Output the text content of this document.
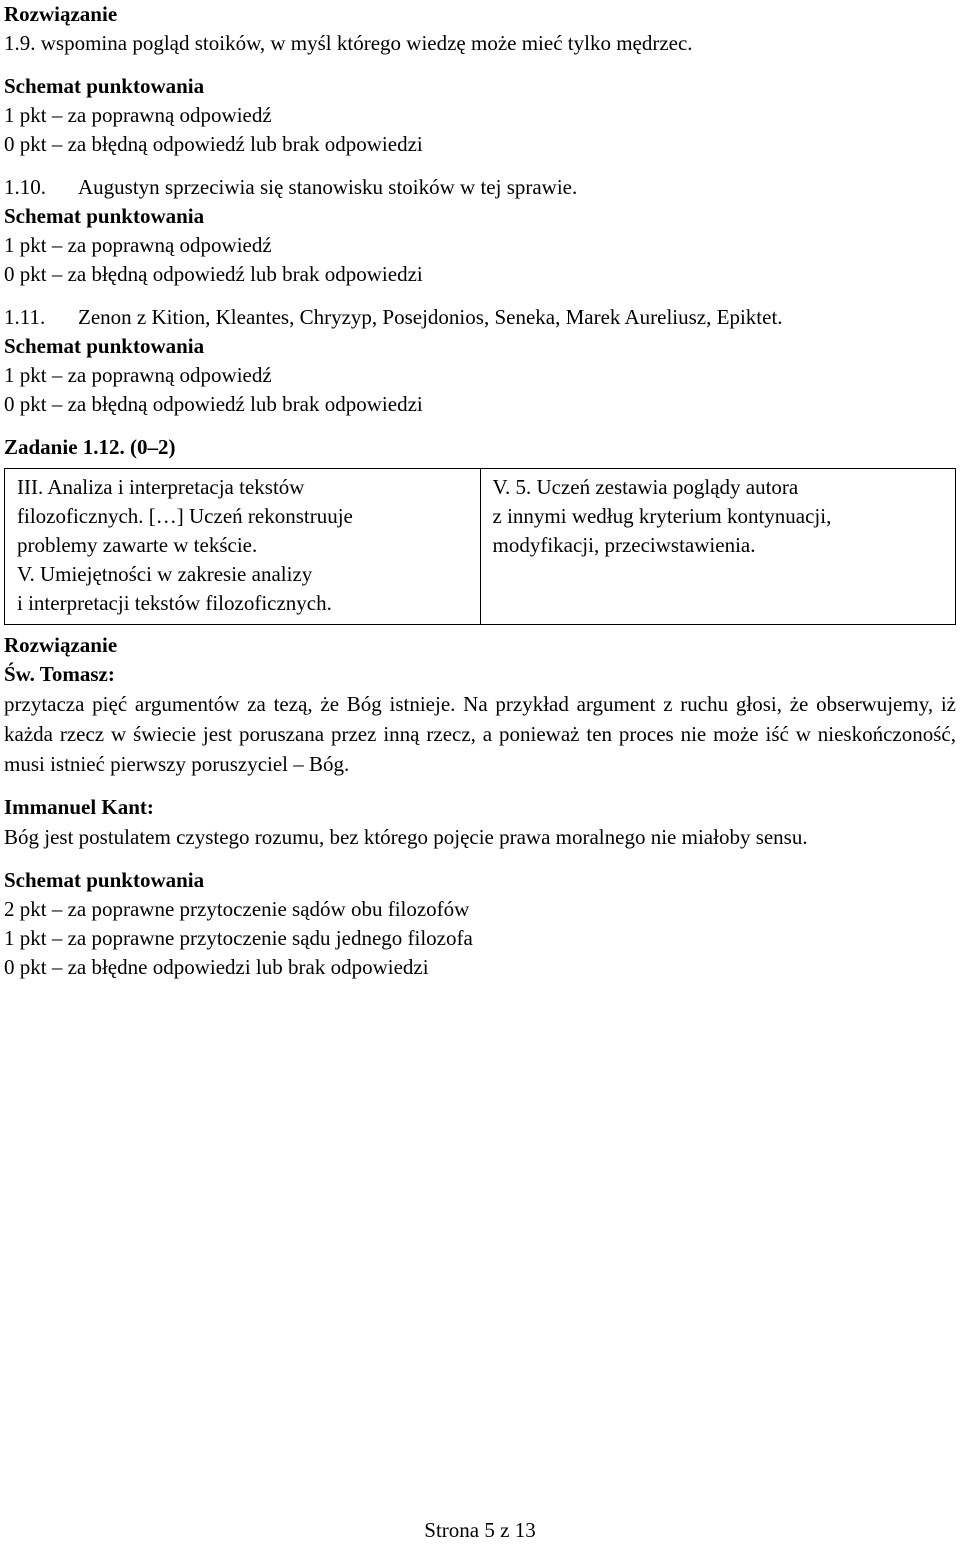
Rozwiązanie
1.9. wspomina pogląd stoików, w myśl którego wiedzę może mieć tylko mędrzec.
Schemat punktowania
1 pkt – za poprawną odpowiedź
0 pkt – za błędną odpowiedź lub brak odpowiedzi
1.10. Augustyn sprzeciwia się stanowisku stoików w tej sprawie.
Schemat punktowania
1 pkt – za poprawną odpowiedź
0 pkt – za błędną odpowiedź lub brak odpowiedzi
1.11. Zenon z Kition, Kleantes, Chryzyp, Posejdonios, Seneka, Marek Aureliusz, Epiktet.
Schemat punktowania
1 pkt – za poprawną odpowiedź
0 pkt – za błędną odpowiedź lub brak odpowiedzi
Zadanie 1.12. (0–2)
III. Analiza i interpretacja tekstów
filozoficznych. […] Uczeń rekonstruuje
problemy zawarte w tekście.
V. Umiejętności w zakresie analizy
i interpretacji tekstów filozoficznych.

V. 5. Uczeń zestawia poglądy autora
z innymi według kryterium kontynuacji,
modyfikacji, przeciwstawienia.
Rozwiązanie
Św. Tomasz:
przytacza pięć argumentów za tezą, że Bóg istnieje. Na przykład argument z ruchu głosi, że obserwujemy, iż każda rzecz w świecie jest poruszana przez inną rzecz, a ponieważ ten proces nie może iść w nieskończoność, musi istnieć pierwszy poruszyciel – Bóg.
Immanuel Kant:
Bóg jest postulatem czystego rozumu, bez którego pojęcie prawa moralnego nie miałoby sensu.
Schemat punktowania
2 pkt – za poprawne przytoczenie sądów obu filozofów
1 pkt – za poprawne przytoczenie sądu jednego filozofa
0 pkt – za błędne odpowiedzi lub brak odpowiedzi
Strona 5 z 13
